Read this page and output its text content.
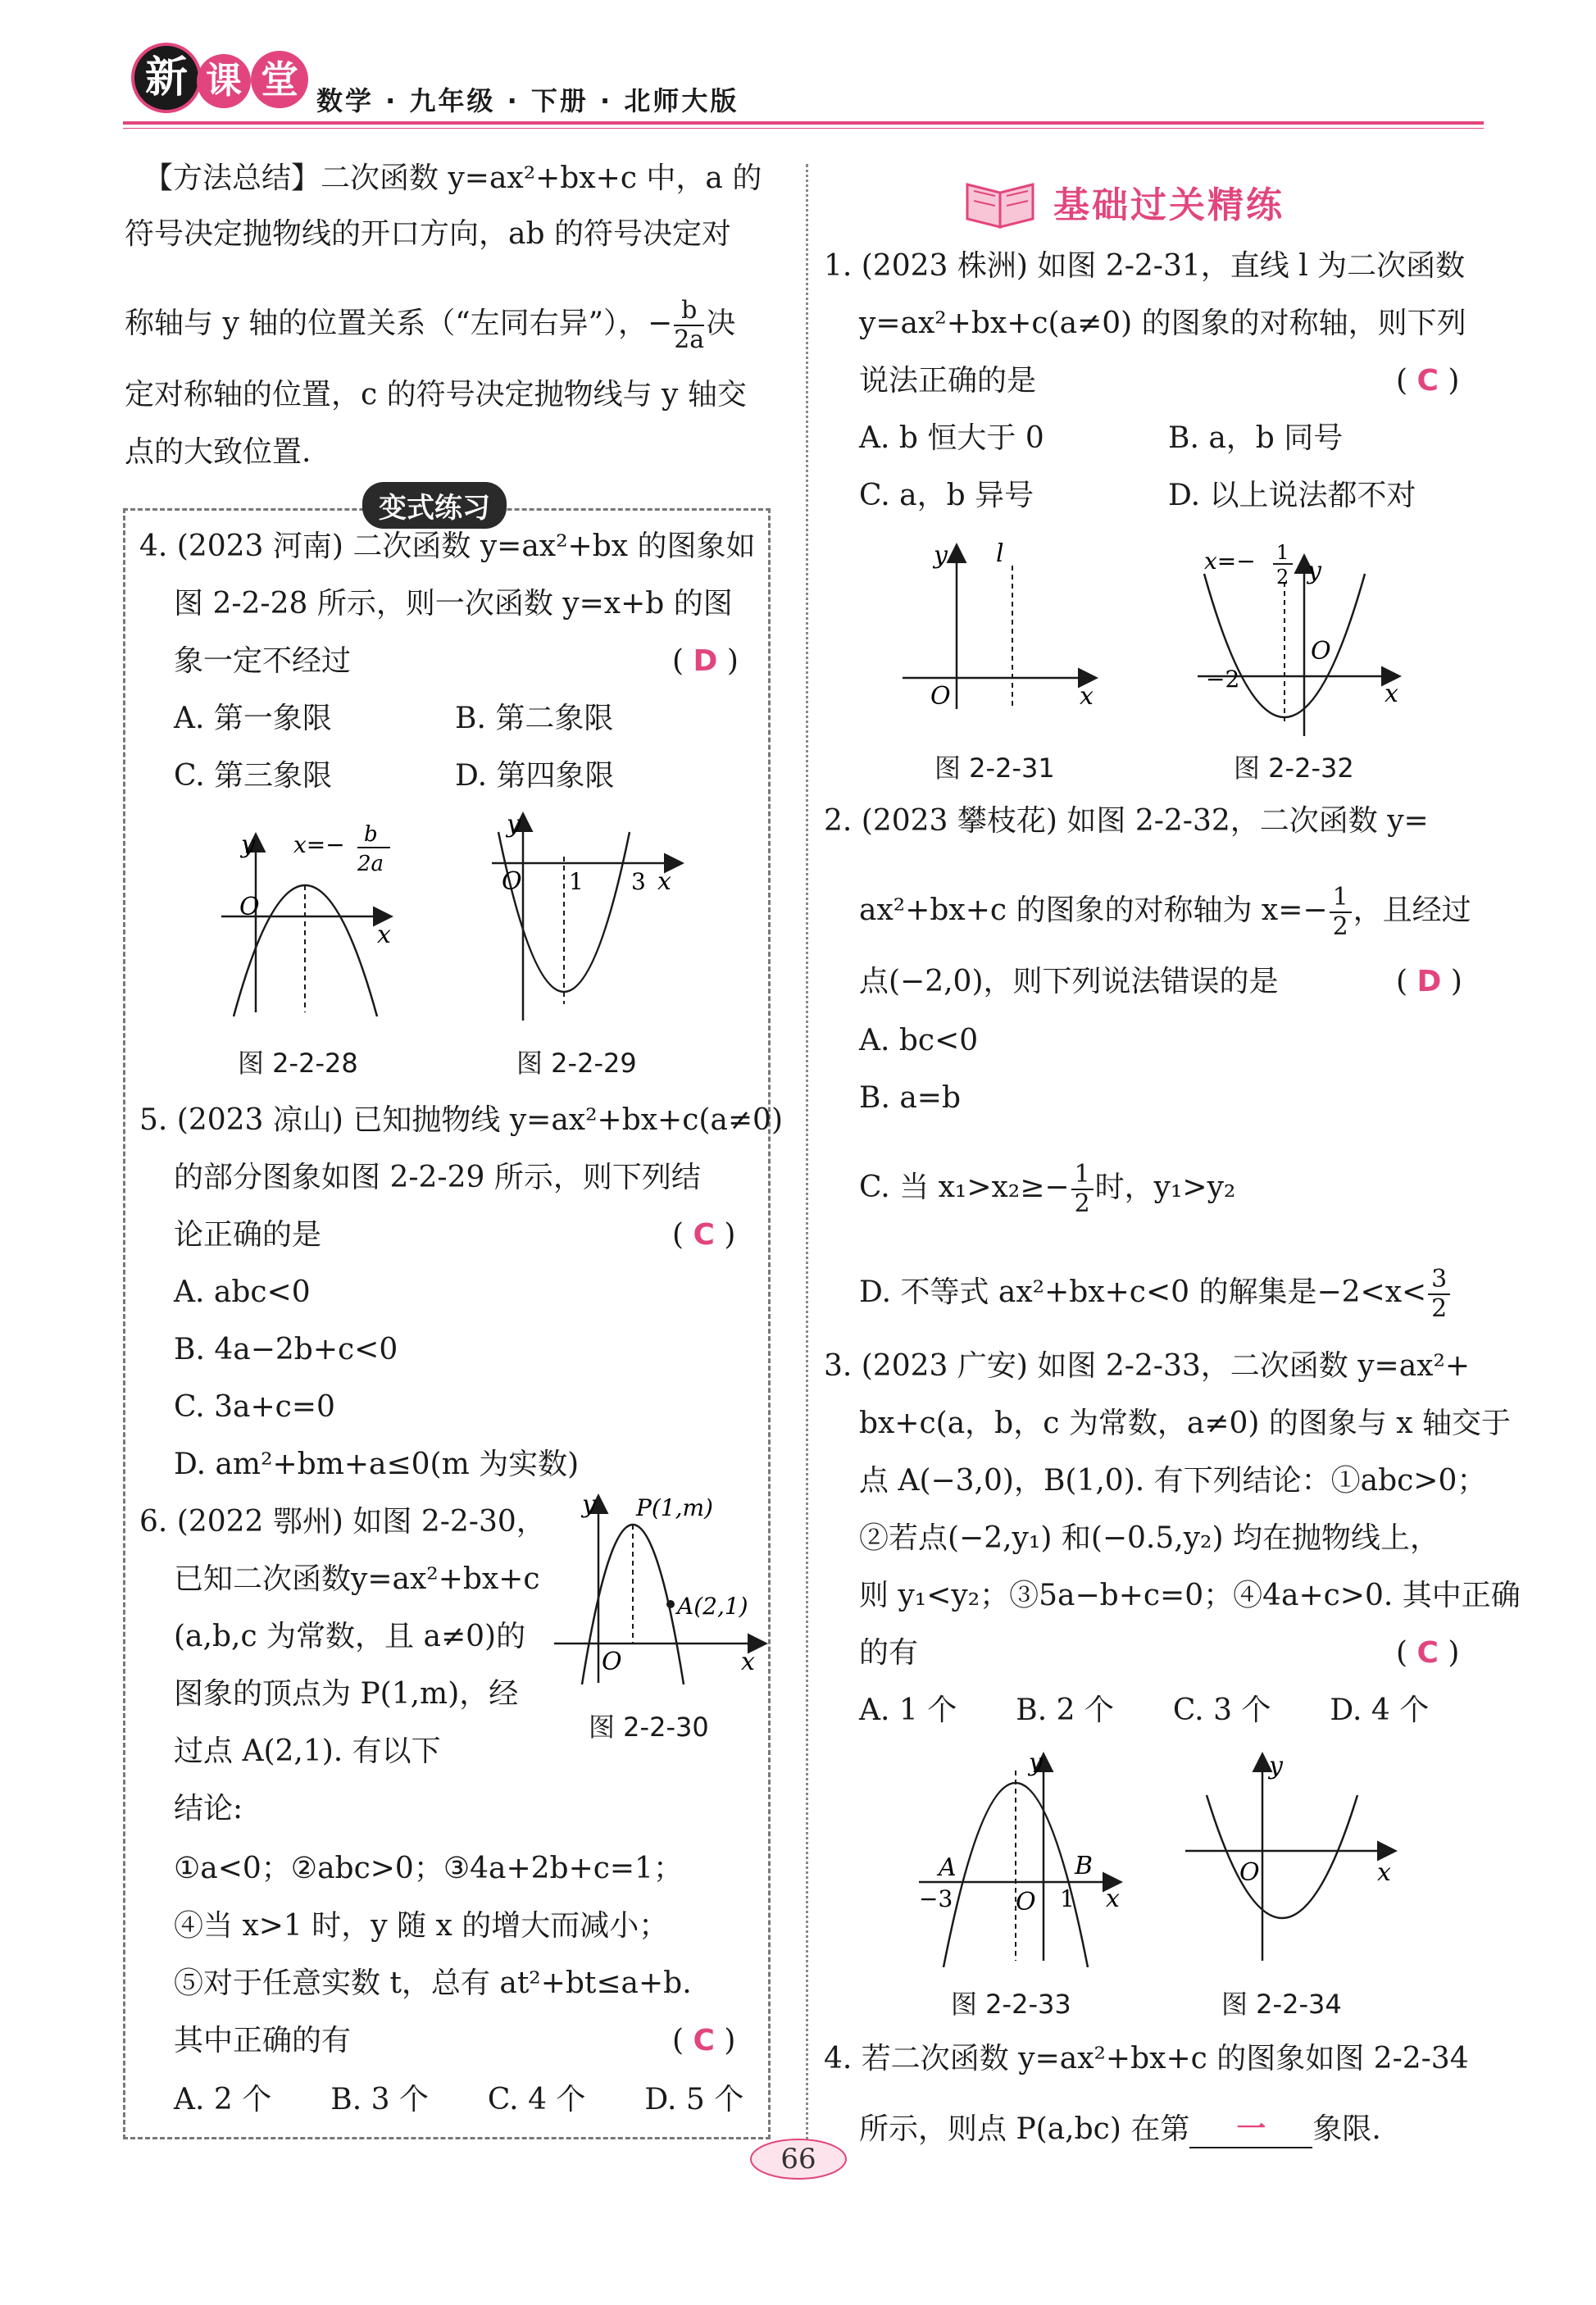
新 课 堂 数学 · 九年级 · 下册 · 北师大版
【方法总结】二次函数 y=ax²+bx+c 中，a 的
符号决定抛物线的开口方向，ab 的符号决定对
称轴与 y 轴的位置关系（“左同右异”），− $\frac{b}{2a}$ 决
定对称轴的位置，c 的符号决定抛物线与 y 轴交
点的大致位置.
变式练习
4. (2023 河南) 二次函数 y=ax²+bx 的图象如
图 2-2-28 所示，则一次函数 y=x+b 的图
象一定不经过	( D )
A. 第一象限	B. 第二象限
C. 第三象限	D. 第四象限
y
x
O
x=− b
2a
图 2-2-28
y
x
O 1 3
图 2-2-29
5. (2023 凉山) 已知抛物线 y=ax²+bx+c(a≠0)
的部分图象如图 2-2-29 所示，则下列结
论正确的是	( C )
A. abc<0
B. 4a−2b+c<0
C. 3a+c=0
D. am²+bm+a≤0(m 为实数)
6. (2022 鄂州) 如图 2-2-30，
已知二次函数y=ax²+bx+c
(a,b,c 为常数，且 a≠0)的
图象的顶点为 P(1,m)，经
过点 A(2,1). 有以下
结论:
①a<0；②abc>0；③4a+2b+c=1；
④当 x>1 时，y 随 x 的增大而减小；
⑤对于任意实数 t，总有 at²+bt≤a+b.
其中正确的有	( C )
A. 2 个　　B. 3 个　　C. 4 个　　D. 5 个
y
x
O
P(1,m)
A(2,1)
图 2-2-30
基础过关精练
1. (2023 株洲) 如图 2-2-31，直线 l 为二次函数
y=ax²+bx+c(a≠0) 的图象的对称轴，则下列
说法正确的是	( C )
A. b 恒大于 0	B. a，b 同号
C. a，b 异号	D. 以上说法都不对
y
x
O
l
图 2-2-31
x=− 1
2 y
x
O
−2
图 2-2-32
2. (2023 攀枝花) 如图 2-2-32，二次函数 y=
ax²+bx+c 的图象的对称轴为 $x=- \frac{1}{2}$ ，且经过
点(−2,0)，则下列说法错误的是	( D )
A. bc<0
B. a=b
C. 当 $x_1>x_2\ge- \frac{1}{2}$ 时，y₁>y₂
D. 不等式 ax²+bx+c<0 的解集是$-2<x< \frac{3}{2}$
3. (2023 广安) 如图 2-2-33，二次函数 y=ax²+
bx+c(a，b，c 为常数，a≠0) 的图象与 x 轴交于
点 A(−3,0)，B(1,0). 有下列结论：①abc>0；
②若点(−2,y₁) 和(−0.5,y₂) 均在抛物线上，
则 y₁<y₂；③5a−b+c=0；④4a+c>0. 其中正确
的有	( C )
A. 1 个　　B. 2 个　　C. 3 个　　D. 4 个
y
x
O
A	B
−3	1
图 2-2-33
y
x
O
图 2-2-34
4. 若二次函数 y=ax²+bx+c 的图象如图 2-2-34
所示，则点 P(a,bc) 在第 一 象限.
66
